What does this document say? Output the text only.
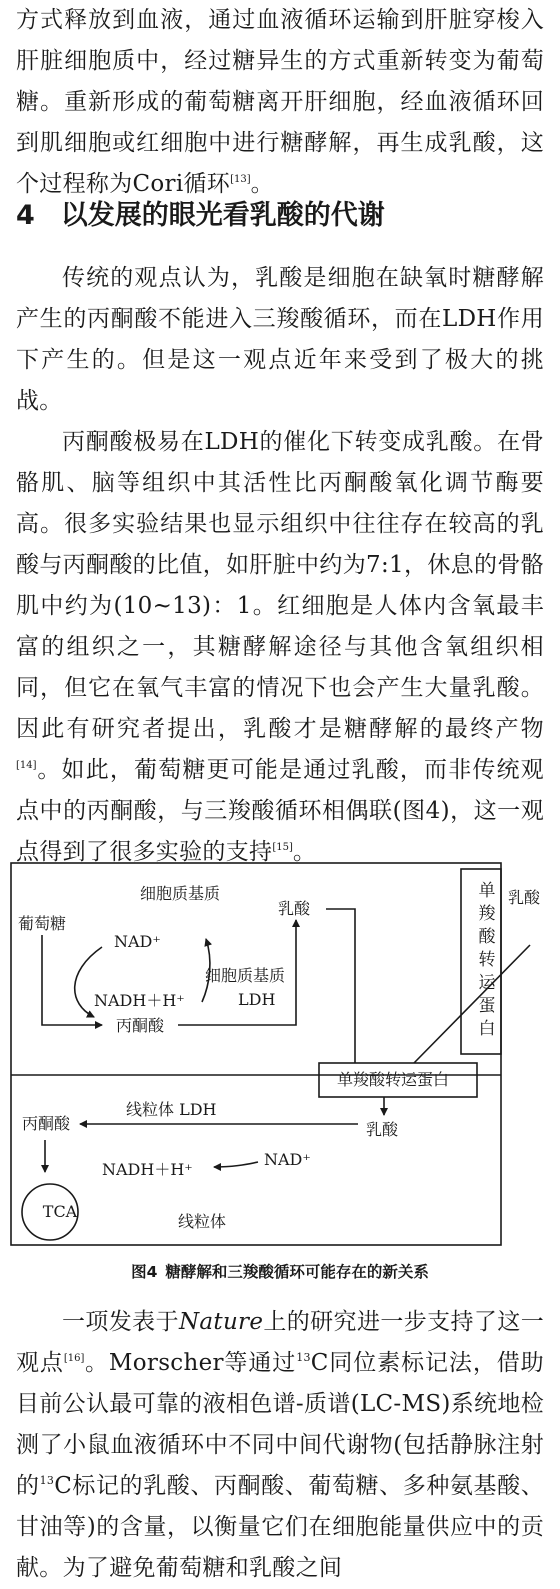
方式释放到血液，通过血液循环运输到肝脏穿梭入肝脏细胞质中，经过糖异生的方式重新转变为葡萄糖。重新形成的葡萄糖离开肝细胞，经血液循环回到肌细胞或红细胞中进行糖酵解，再生成乳酸，这个过程称为Cori循环[13]。

4 以发展的眼光看乳酸的代谢

传统的观点认为，乳酸是细胞在缺氧时糖酵解产生的丙酮酸不能进入三羧酸循环，而在LDH作用下产生的。但是这一观点近年来受到了极大的挑战。

丙酮酸极易在LDH的催化下转变成乳酸。在骨骼肌、脑等组织中其活性比丙酮酸氧化调节酶要高。很多实验结果也显示组织中往往存在较高的乳酸与丙酮酸的比值，如肝脏中约为7:1，休息的骨骼肌中约为(10~13)：1。红细胞是人体内含氧最丰富的组织之一，其糖酵解途径与其他含氧组织相同，但它在氧气丰富的情况下也会产生大量乳酸。因此有研究者提出，乳酸才是糖酵解的最终产物[14]。如此，葡萄糖更可能是通过乳酸，而非传统观点中的丙酮酸，与三羧酸循环相偶联(图4)，这一观点得到了很多实验的支持[15]。

细胞质基质
葡萄糖
NAD⁺
NADH＋H⁺
细胞质基质
LDH
丙酮酸
乳酸
单羧酸转运蛋白
乳酸
单羧酸转运蛋白
乳酸
线粒体 LDH
丙酮酸
NADH＋H⁺
NAD⁺
TCA
线粒体
图4 糖酵解和三羧酸循环可能存在的新关系

一项发表于Nature上的研究进一步支持了这一观点[16]。Morscher等通过$^{13}$C同位素标记法，借助目前公认最可靠的液相色谱-质谱(LC-MS)系统地检测了小鼠血液循环中不同中间代谢物(包括静脉注射的$^{13}$C标记的乳酸、丙酮酸、葡萄糖、多种氨基酸、甘油等)的含量，以衡量它们在细胞能量供应中的贡献。为了避免葡萄糖和乳酸之间
